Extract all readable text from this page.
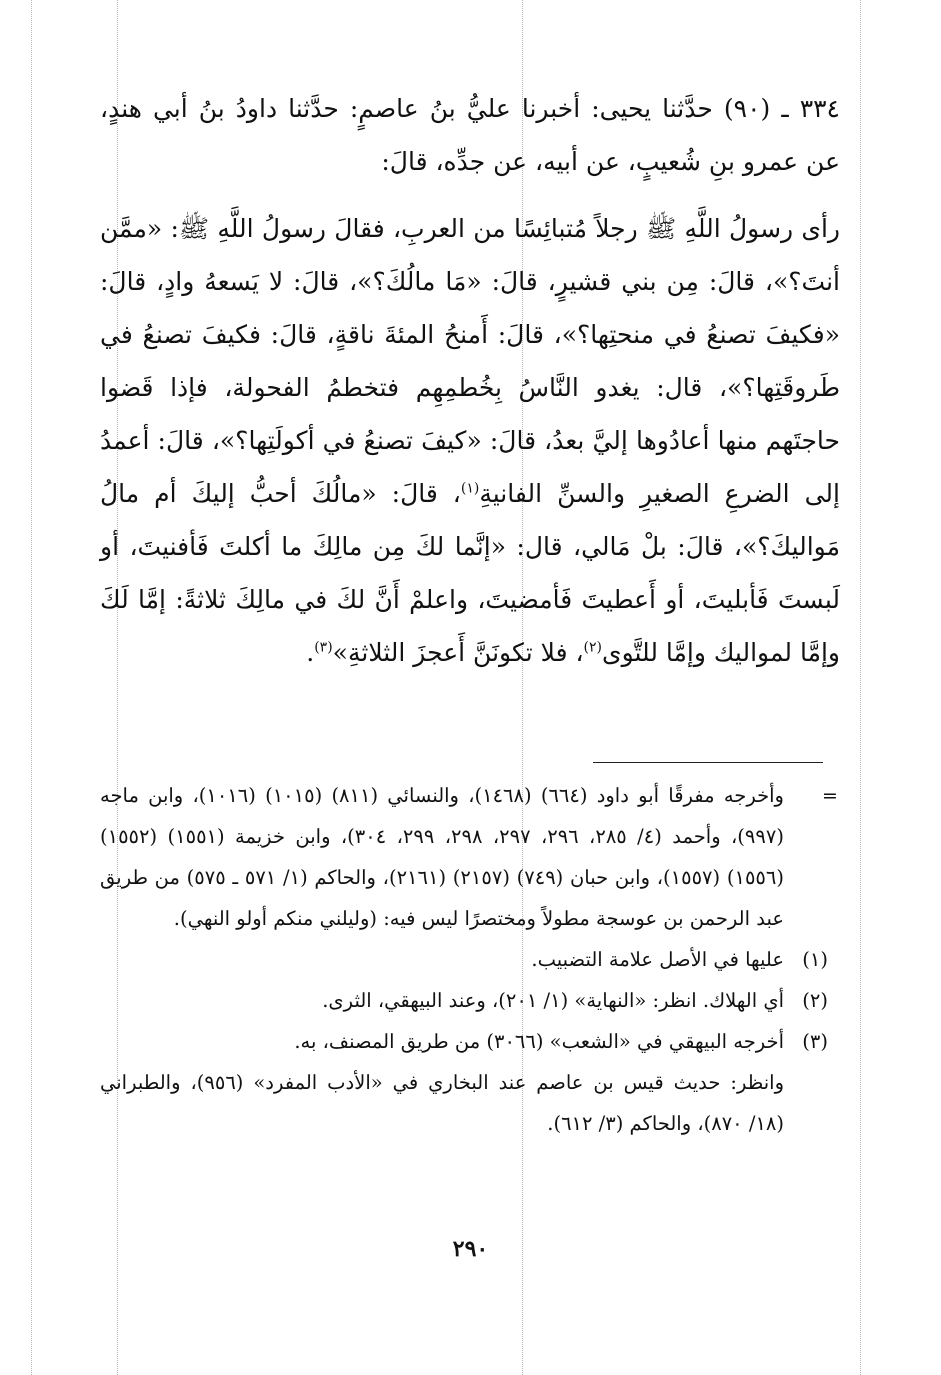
٣٣٤ ـ (٩٠) حدَّثنا يحيى: أخبرنا عليُّ بنُ عاصمٍ: حدَّثنا داودُ بنُ أبي هندٍ، عن عمرو بنِ شُعيبٍ، عن أبيه، عن جدِّه، قالَ:

رأى رسولُ اللَّهِ ﷺ رجلاً مُتبائِسًا من العربِ، فقالَ رسولُ اللَّهِ ﷺ: «ممَّن أنتَ؟»، قالَ: مِن بني قشيرٍ، قالَ: «مَا مالُكَ؟»، قالَ: لا يَسعهُ وادٍ، قالَ: «فكيفَ تصنعُ في منحتِها؟»، قالَ: أَمنحُ المئةَ ناقةٍ، قالَ: فكيفَ تصنعُ في طَروقَتِها؟»، قال: يغدو النَّاسُ بِخُطمِهِم فتخطمُ الفحولة، فإذا قَضوا حاجتَهم منها أعادُوها إليَّ بعدُ، قالَ: «كيفَ تصنعُ في أكولَتِها؟»، قالَ: أعمدُ إلى الضرعِ الصغيرِ والسنِّ الفانيةِ$^{(١)}$، قالَ: «مالُكَ أحبُّ إليكَ أم مالُ مَواليكَ؟»، قالَ: بلْ مَالي، قال: «إنَّما لكَ مِن مالِكَ ما أكلتَ فَأفنيتَ، أو لَبستَ فَأبليتَ، أو أَعطيتَ فَأمضيتَ، واعلمْ أَنَّ لكَ في مالِكَ ثلاثةً: إمَّا لَكَ وإمَّا لمواليك وإمَّا للتَّوى$^{(٢)}$، فلا تكونَنَّ أَعجزَ الثلاثةِ»$^{(٣)}$.

=

وأخرجه مفرقًا أبو داود (٦٦٤) (١٤٦٨)، والنسائي (٨١١) (١٠١٥) (١٠١٦)، وابن ماجه (٩٩٧)، وأحمد (٤/ ٢٨٥، ٢٩٦، ٢٩٧، ٢٩٨، ٢٩٩، ٣٠٤)، وابن خزيمة (١٥٥١) (١٥٥٢) (١٥٥٦) (١٥٥٧)، وابن حبان (٧٤٩) (٢١٥٧) (٢١٦١)، والحاكم (١/ ٥٧١ ـ ٥٧٥) من طريق عبد الرحمن بن عوسجة مطولاً ومختصرًا ليس فيه: (وليلني منكم أولو النهي).

(١)
عليها في الأصل علامة التضبيب.
(٢)
أي الهلاك. انظر: «النهاية» (١/ ٢٠١)، وعند البيهقي، الثرى.
(٣)
أخرجه البيهقي في «الشعب» (٣٠٦٦) من طريق المصنف، به.

وانظر: حديث قيس بن عاصم عند البخاري في «الأدب المفرد» (٩٥٦)، والطبراني (١٨/ ٨٧٠)، والحاكم (٣/ ٦١٢).

٢٩٠
